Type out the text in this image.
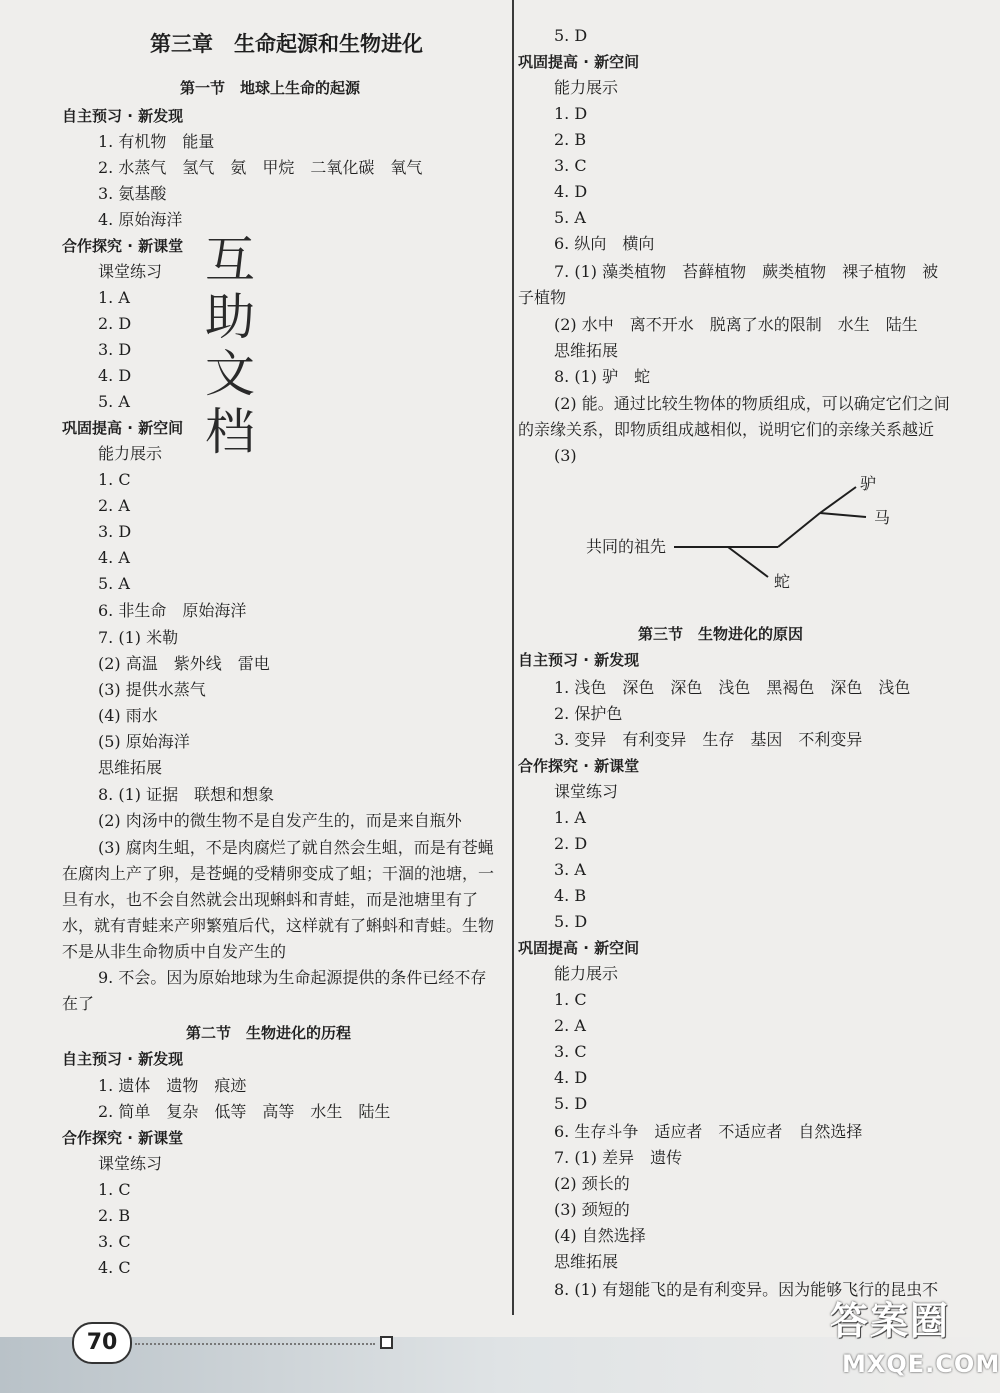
第三章　生命起源和生物进化
第一节　地球上生命的起源
自主预习 · 新发现
1. 有机物　能量
2. 水蒸气　氢气　氨　甲烷　二氧化碳　氧气
3. 氨基酸
4. 原始海洋
合作探究 · 新课堂
课堂练习
1. A
2. D
3. D
4. D
5. A
巩固提高 · 新空间
能力展示
1. C
2. A
3. D
4. A
5. A
6. 非生命　原始海洋
7. (1) 米勒
(2) 高温　紫外线　雷电
(3) 提供水蒸气
(4) 雨水
(5) 原始海洋
思维拓展
8. (1) 证据　联想和想象
(2) 肉汤中的微生物不是自发产生的，而是来自瓶外
(3) 腐肉生蛆，不是肉腐烂了就自然会生蛆，而是有苍蝇
在腐肉上产了卵，是苍蝇的受精卵变成了蛆；干涸的池塘，一
旦有水，也不会自然就会出现蝌蚪和青蛙，而是池塘里有了
水，就有青蛙来产卵繁殖后代，这样就有了蝌蚪和青蛙。生物
不是从非生命物质中自发产生的
9. 不会。因为原始地球为生命起源提供的条件已经不存
在了
第二节　生物进化的历程
自主预习 · 新发现
1. 遗体　遗物　痕迹
2. 简单　复杂　低等　高等　水生　陆生
合作探究 · 新课堂
课堂练习
1. C
2. B
3. C
4. C
5. D
巩固提高 · 新空间
能力展示
1. D
2. B
3. C
4. D
5. A
6. 纵向　横向
7. (1) 藻类植物　苔藓植物　蕨类植物　裸子植物　被
子植物
(2) 水中　离不开水　脱离了水的限制　水生　陆生
思维拓展
8. (1) 驴　蛇
(2) 能。通过比较生物体的物质组成，可以确定它们之间
的亲缘关系，即物质组成越相似，说明它们的亲缘关系越近
(3)
第三节　生物进化的原因
自主预习 · 新发现
1. 浅色　深色　深色　浅色　黑褐色　深色　浅色
2. 保护色
3. 变异　有利变异　生存　基因　不利变异
合作探究 · 新课堂
课堂练习
1. A
2. D
3. A
4. B
5. D
巩固提高 · 新空间
能力展示
1. C
2. A
3. C
4. D
5. D
6. 生存斗争　适应者　不适应者　自然选择
7. (1) 差异　遗传
(2) 颈长的
(3) 颈短的
(4) 自然选择
思维拓展
8. (1) 有翅能飞的是有利变异。因为能够飞行的昆虫不
互
助
文
档
共同的祖先
驴
马
蛇
70	答案圈
MXQE.COM
